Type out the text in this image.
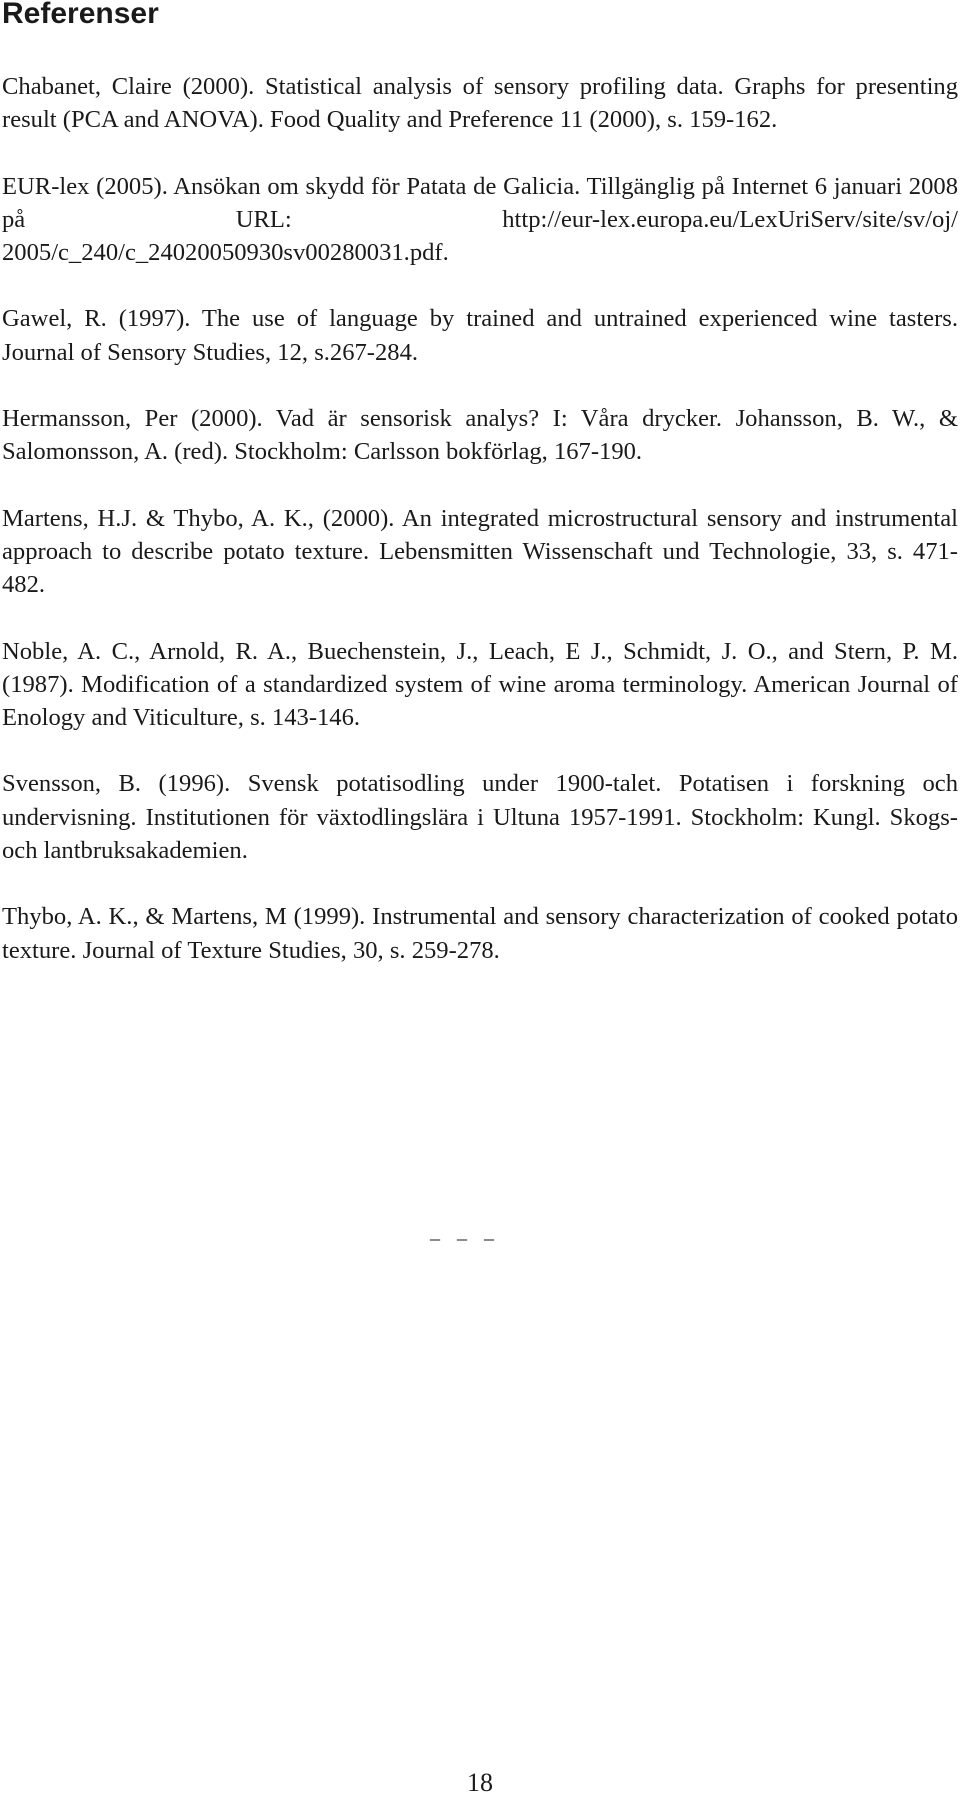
Referenser

Chabanet, Claire (2000). Statistical analysis of sensory profiling data. Graphs for presenting result (PCA and ANOVA). Food Quality and Preference 11 (2000), s. 159-162.

EUR-lex (2005). Ansökan om skydd för Patata de Galicia. Tillgänglig på Internet 6 januari 2008 på URL: http://eur-lex.europa.eu/LexUriServ/site/sv/oj/ 2005/c_240/c_24020050930sv00280031.pdf.

Gawel, R. (1997). The use of language by trained and untrained experienced wine tasters. Journal of Sensory Studies, 12, s.267-284.

Hermansson, Per (2000). Vad är sensorisk analys? I: Våra drycker. Johansson, B. W., & Salomonsson, A. (red). Stockholm: Carlsson bokförlag, 167-190.

Martens, H.J. & Thybo, A. K., (2000). An integrated microstructural sensory and instrumental approach to describe potato texture. Lebensmitten Wissenschaft und Technologie, 33, s. 471-482.

Noble, A. C., Arnold, R. A., Buechenstein, J., Leach, E J., Schmidt, J. O., and Stern, P. M. (1987). Modification of a standardized system of wine aroma terminology. American Journal of Enology and Viticulture, s. 143-146.

Svensson, B. (1996). Svensk potatisodling under 1900-talet. Potatisen i forskning och undervisning. Institutionen för växtodlingslära i Ultuna 1957-1991. Stockholm: Kungl. Skogs- och lantbruksakademien.

Thybo, A. K., & Martens, M (1999). Instrumental and sensory characterization of cooked potato texture. Journal of Texture Studies, 30, s. 259-278.

_ _ _
18
